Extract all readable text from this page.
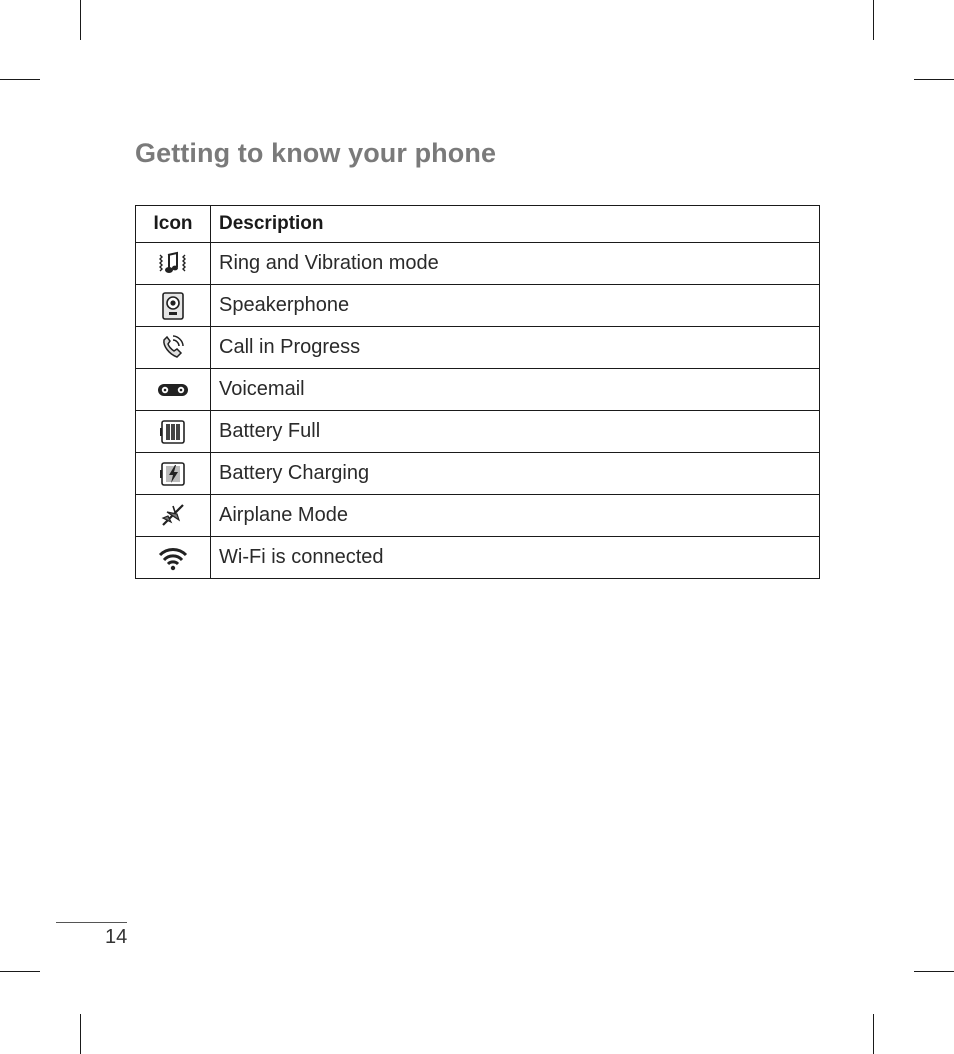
Getting to know your phone
Icon	Description

	Ring and Vibration mode

	Speakerphone

	Call in Progress

	Voicemail

	Battery Full

	Battery Charging

	Airplane Mode

	Wi-Fi is connected
14
